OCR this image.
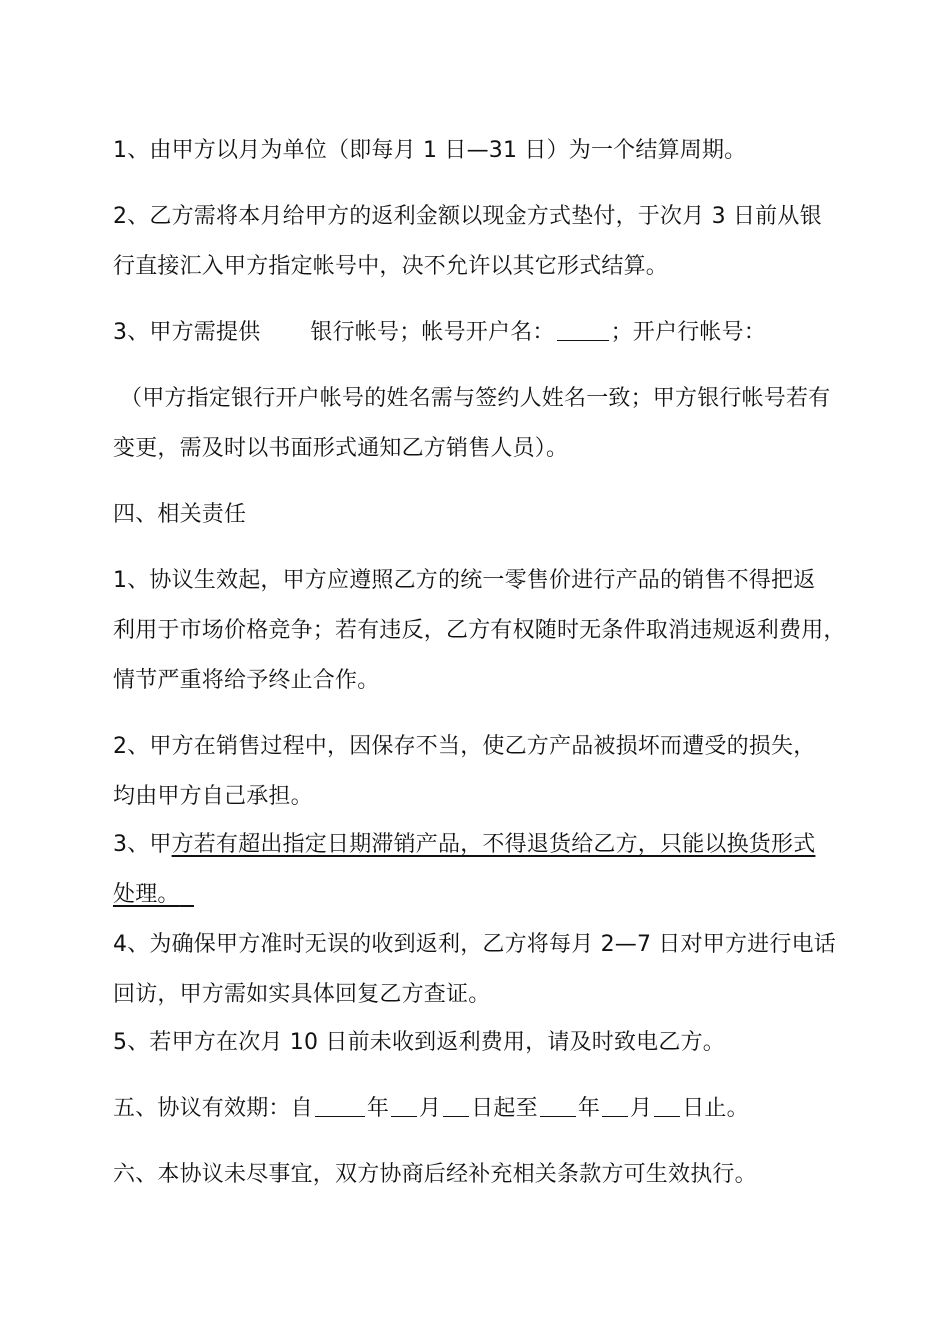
1、由甲方以月为单位（即每月 1 日—31 日）为一个结算周期。
2、乙方需将本月给甲方的返利金额以现金方式垫付，于次月 3 日前从银
行直接汇入甲方指定帐号中，决不允许以其它形式结算。
3、甲方需提供 银行帐号；帐号开户名：	；开户行帐号：
（甲方指定银行开户帐号的姓名需与签约人姓名一致；甲方银行帐号若有
变更，需及时以书面形式通知乙方销售人员）。
四、相关责任
1、协议生效起，甲方应遵照乙方的统一零售价进行产品的销售不得把返
利用于市场价格竞争；若有违反，乙方有权随时无条件取消违规返利费用，
情节严重将给予终止合作。
2、甲方在销售过程中，因保存不当，使乙方产品被损坏而遭受的损失，
均由甲方自己承担。
3、甲方若有超出指定日期滞销产品，不得退货给乙方，只能以换货形式
处理。
4、为确保甲方准时无误的收到返利，乙方将每月 2—7 日对甲方进行电话
回访，甲方需如实具体回复乙方查证。
5、若甲方在次月 10 日前未收到返利费用，请及时致电乙方。
五、协议有效期：自 年 月 日起至 年 月 日止。
六、本协议未尽事宜，双方协商后经补充相关条款方可生效执行。
